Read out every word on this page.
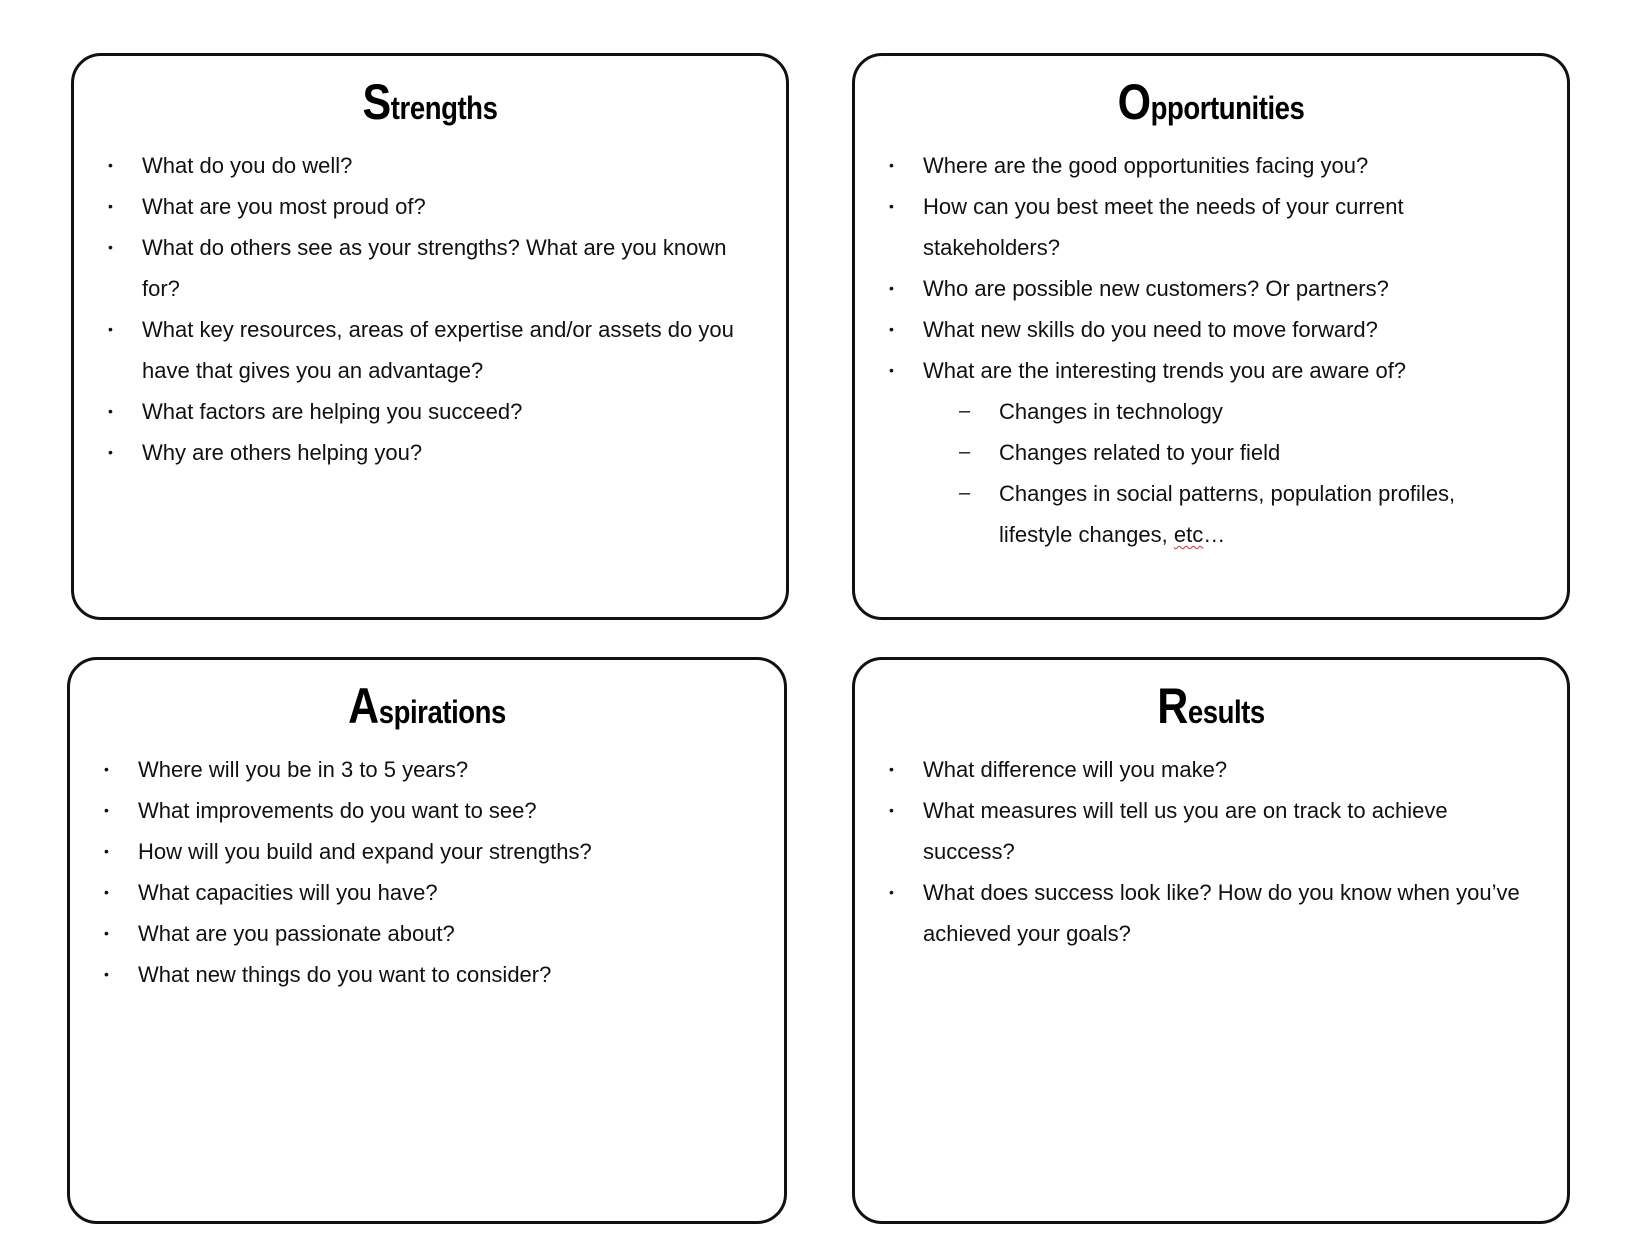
Strengths
• What do you do well?
• What are you most proud of?
• What do others see as your strengths? What are you known for?
• What key resources, areas of expertise and/or assets do you have that gives you an advantage?
• What factors are helping you succeed?
• Why are others helping you?
Opportunities
• Where are the good opportunities facing you?
• How can you best meet the needs of your current stakeholders?
• Who are possible new customers? Or partners?
• What new skills do you need to move forward?
• What are the interesting trends you are aware of?
– Changes in technology
– Changes related to your field
– Changes in social patterns, population profiles, lifestyle changes, etc…
Aspirations
• Where will you be in 3 to 5 years?
• What improvements do you want to see?
• How will you build and expand your strengths?
• What capacities will you have?
• What are you passionate about?
• What new things do you want to consider?
Results
• What difference will you make?
• What measures will tell us you are on track to achieve success?
• What does success look like? How do you know when you’ve achieved your goals?
